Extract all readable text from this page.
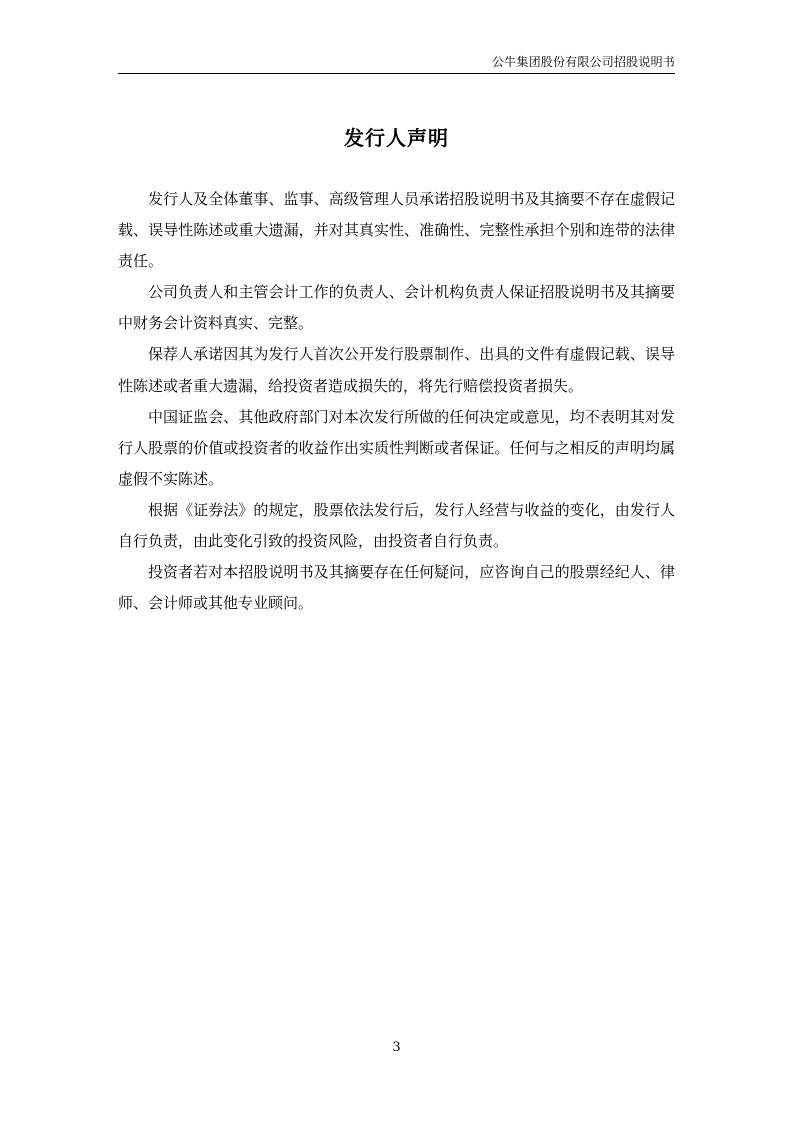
公牛集团股份有限公司招股说明书
发行人声明

发行人及全体董事、监事、高级管理人员承诺招股说明书及其摘要不存在虚假记载、误导性陈述或重大遗漏，并对其真实性、准确性、完整性承担个别和连带的法律责任。

公司负责人和主管会计工作的负责人、会计机构负责人保证招股说明书及其摘要中财务会计资料真实、完整。

保荐人承诺因其为发行人首次公开发行股票制作、出具的文件有虚假记载、误导性陈述或者重大遗漏，给投资者造成损失的，将先行赔偿投资者损失。

中国证监会、其他政府部门对本次发行所做的任何决定或意见，均不表明其对发行人股票的价值或投资者的收益作出实质性判断或者保证。任何与之相反的声明均属虚假不实陈述。

根据《证券法》的规定，股票依法发行后，发行人经营与收益的变化，由发行人自行负责，由此变化引致的投资风险，由投资者自行负责。

投资者若对本招股说明书及其摘要存在任何疑问，应咨询自己的股票经纪人、律师、会计师或其他专业顾问。

3
